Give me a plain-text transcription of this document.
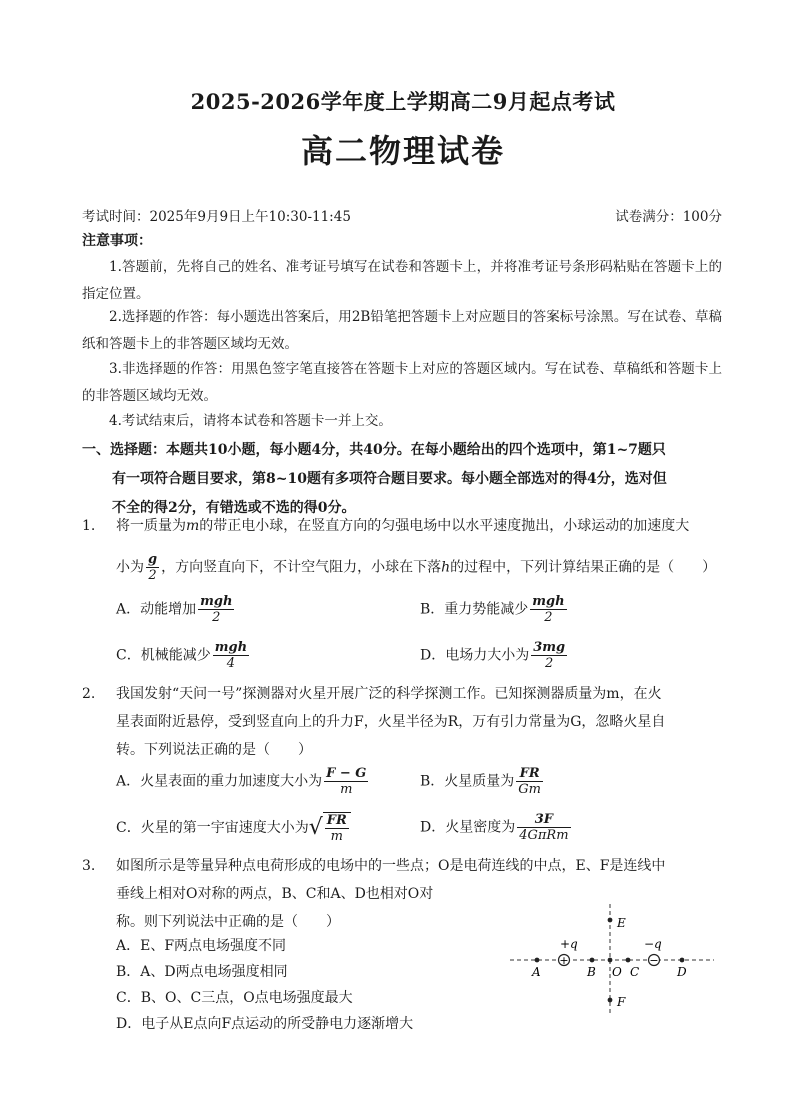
2025-2026学年度上学期高二9月起点考试
高二物理试卷
考试时间：2025年9月9日上午10:30-11:45	试卷满分：100分
注意事项：
1.答题前，先将自己的姓名、准考证号填写在试卷和答题卡上，并将准考证号条形码粘贴在答题卡上的指定位置。
2.选择题的作答：每小题选出答案后，用2B铅笔把答题卡上对应题目的答案标号涂黑。写在试卷、草稿纸和答题卡上的非答题区域均无效。
3.非选择题的作答：用黑色签字笔直接答在答题卡上对应的答题区域内。写在试卷、草稿纸和答题卡上的非答题区域均无效。
4.考试结束后，请将本试卷和答题卡一并上交。
一、选择题：本题共10小题，每小题4分，共40分。在每小题给出的四个选项中，第1~7题只
有一项符合题目要求，第8~10题有多项符合题目要求。每小题全部选对的得4分，选对但
不全的得2分，有错选或不选的得0分。
1. 将一质量为m的带正电小球，在竖直方向的匀强电场中以水平速度抛出，小球运动的加速度大
小为 $\frac{g}{2}$ ，方向竖直向下，不计空气阻力，小球在下落h的过程中，下列计算结果正确的是（　　）
A．动能增加 $\frac{\text{mgh}}{2}$	B．重力势能减少 $\frac{\text{mgh}}{2}$
C．机械能减少 $\frac{\text{mgh}}{4}$	D．电场力大小为 $\frac{3mg}{2}$
2. 我国发射“天问一号”探测器对火星开展广泛的科学探测工作。已知探测器质量为m，在火
星表面附近悬停，受到竖直向上的升力F，火星半径为R，万有引力常量为G，忽略火星自
转。下列说法正确的是（　　）
A．火星表面的重力加速度大小为 $\frac{F - G}{m}$	B．火星质量为 $\frac{FR}{Gm}$
C．火星的第一宇宙速度大小为√ $\frac{FR}{m}$	D．火星密度为 $\frac{3F}{\text{4GπRm}}$
3. 如图所示是等量异种点电荷形成的电场中的一些点；O是电荷连线的中点，E、F是连线中
垂线上相对O对称的两点，B、C和A、D也相对O对
称。则下列说法中正确的是（　　）
A．E、F两点电场强度不同
B．A、D两点电场强度相同
C．B、O、C三点，O点电场强度最大
D．电子从E点向F点运动的所受静电力逐渐增大
+	−
+q	−q
A	B O C	D
E
F
